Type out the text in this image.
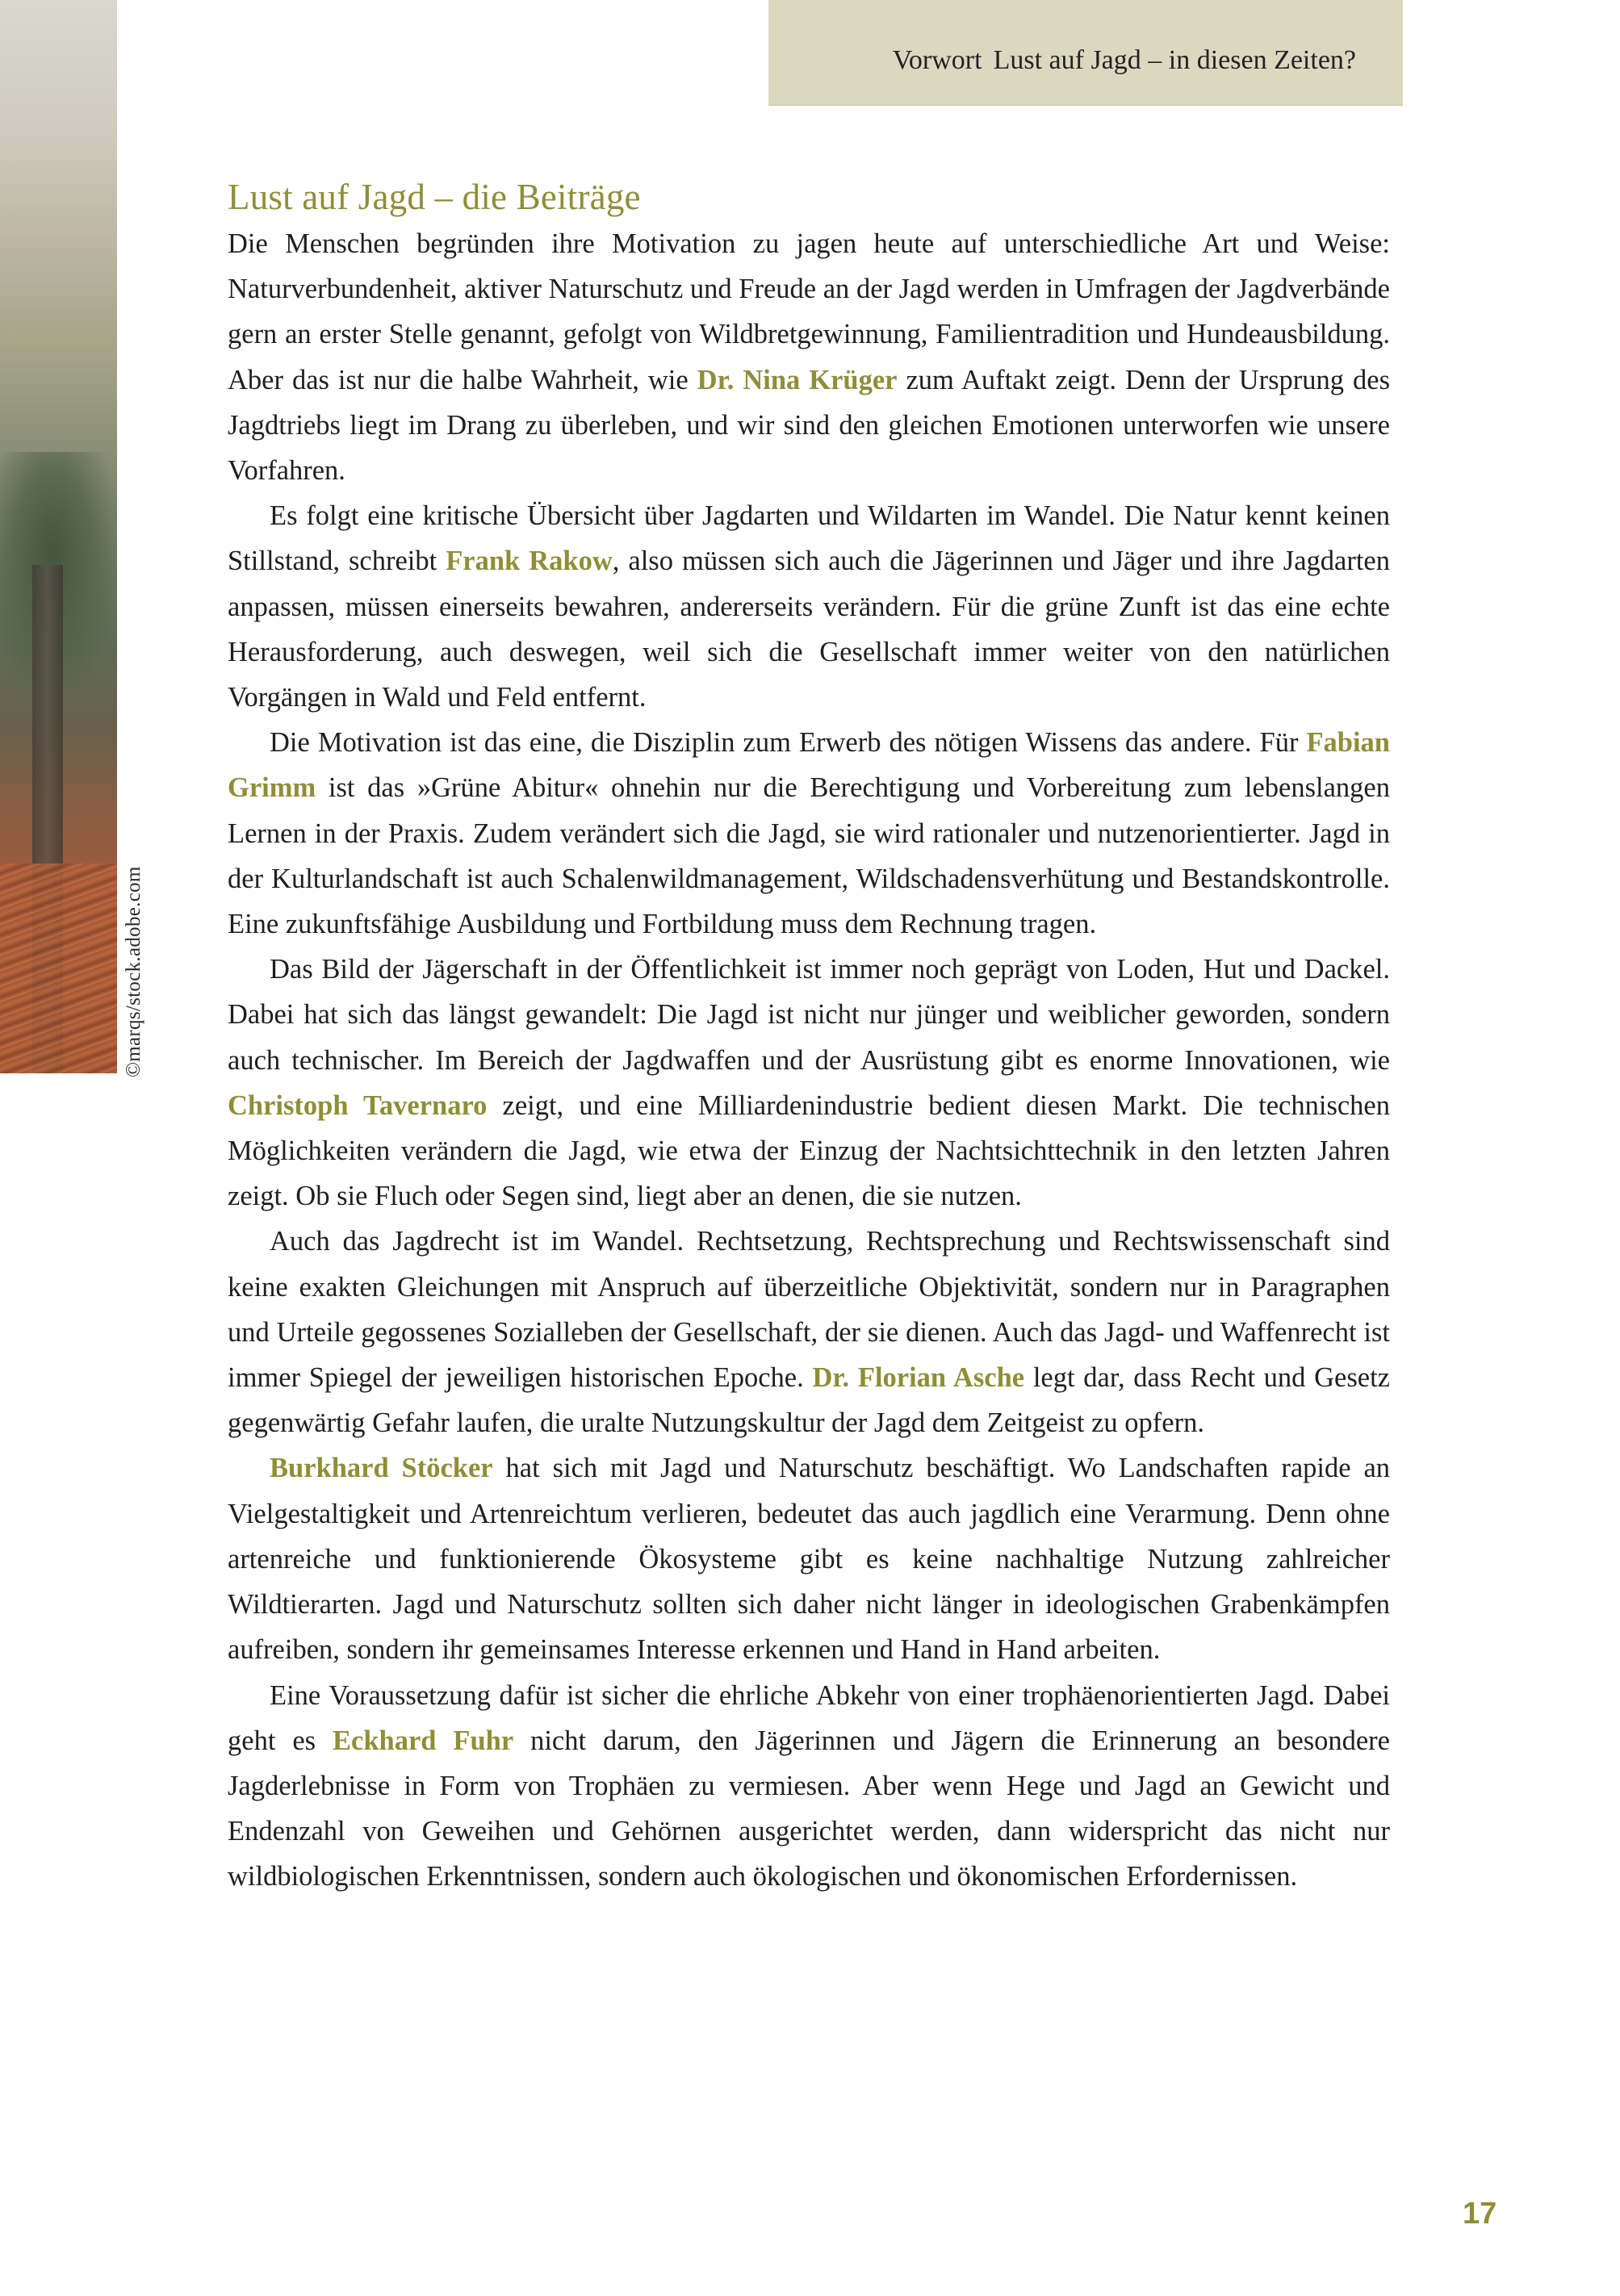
©marqs/stock.adobe.com
Vorwort Lust auf Jagd – in diesen Zeiten?
Lust auf Jagd – die Beiträge

Die Menschen begründen ihre Motivation zu jagen heute auf unterschiedliche Art und Weise: Naturverbundenheit, aktiver Naturschutz und Freude an der Jagd werden in Umfragen der Jagdverbände gern an erster Stelle genannt, gefolgt von Wildbretgewinnung, Familientradition und Hundeausbildung. Aber das ist nur die halbe Wahrheit, wie Dr. Nina Krüger zum Auftakt zeigt. Denn der Ursprung des Jagdtriebs liegt im Drang zu überleben, und wir sind den gleichen Emotionen unterworfen wie unsere Vorfahren.

Es folgt eine kritische Übersicht über Jagdarten und Wildarten im Wandel. Die Natur kennt keinen Stillstand, schreibt Frank Rakow, also müssen sich auch die Jägerinnen und Jäger und ihre Jagdarten anpassen, müssen einerseits bewahren, andererseits verändern. Für die grüne Zunft ist das eine echte Herausforderung, auch deswegen, weil sich die Gesellschaft immer weiter von den natürlichen Vorgängen in Wald und Feld entfernt.

Die Motivation ist das eine, die Disziplin zum Erwerb des nötigen Wissens das andere. Für Fabian Grimm ist das »Grüne Abitur« ohnehin nur die Berechtigung und Vorbereitung zum lebenslangen Lernen in der Praxis. Zudem verändert sich die Jagd, sie wird rationaler und nutzenorientierter. Jagd in der Kulturlandschaft ist auch Schalenwildmanagement, Wildschadensverhütung und Bestandskontrolle. Eine zukunftsfähige Ausbildung und Fortbildung muss dem Rechnung tragen.

Das Bild der Jägerschaft in der Öffentlichkeit ist immer noch geprägt von Loden, Hut und Dackel. Dabei hat sich das längst gewandelt: Die Jagd ist nicht nur jünger und weiblicher geworden, sondern auch technischer. Im Bereich der Jagdwaffen und der Ausrüstung gibt es enorme Innovationen, wie Christoph Tavernaro zeigt, und eine Milliardenindustrie bedient diesen Markt. Die technischen Möglichkeiten verändern die Jagd, wie etwa der Einzug der Nachtsichttechnik in den letzten Jahren zeigt. Ob sie Fluch oder Segen sind, liegt aber an denen, die sie nutzen.

Auch das Jagdrecht ist im Wandel. Rechtsetzung, Rechtsprechung und Rechtswissenschaft sind keine exakten Gleichungen mit Anspruch auf überzeitliche Objektivität, sondern nur in Paragraphen und Urteile gegossenes Sozialleben der Gesellschaft, der sie dienen. Auch das Jagd- und Waffenrecht ist immer Spiegel der jeweiligen historischen Epoche. Dr. Florian Asche legt dar, dass Recht und Gesetz gegenwärtig Gefahr laufen, die uralte Nutzungskultur der Jagd dem Zeitgeist zu opfern.

Burkhard Stöcker hat sich mit Jagd und Naturschutz beschäftigt. Wo Landschaften rapide an Vielgestaltigkeit und Artenreichtum verlieren, bedeutet das auch jagdlich eine Verarmung. Denn ohne artenreiche und funktionierende Ökosysteme gibt es keine nachhaltige Nutzung zahlreicher Wildtierarten. Jagd und Naturschutz sollten sich daher nicht länger in ideologischen Grabenkämpfen aufreiben, sondern ihr gemeinsames Interesse erkennen und Hand in Hand arbeiten.

Eine Voraussetzung dafür ist sicher die ehrliche Abkehr von einer trophäenorientierten Jagd. Dabei geht es Eckhard Fuhr nicht darum, den Jägerinnen und Jägern die Erinnerung an besondere Jagderlebnisse in Form von Trophäen zu vermiesen. Aber wenn Hege und Jagd an Gewicht und Endenzahl von Geweihen und Gehörnen ausgerichtet werden, dann widerspricht das nicht nur wildbiologischen Erkenntnissen, sondern auch ökologischen und ökonomischen Erfordernissen.

17
